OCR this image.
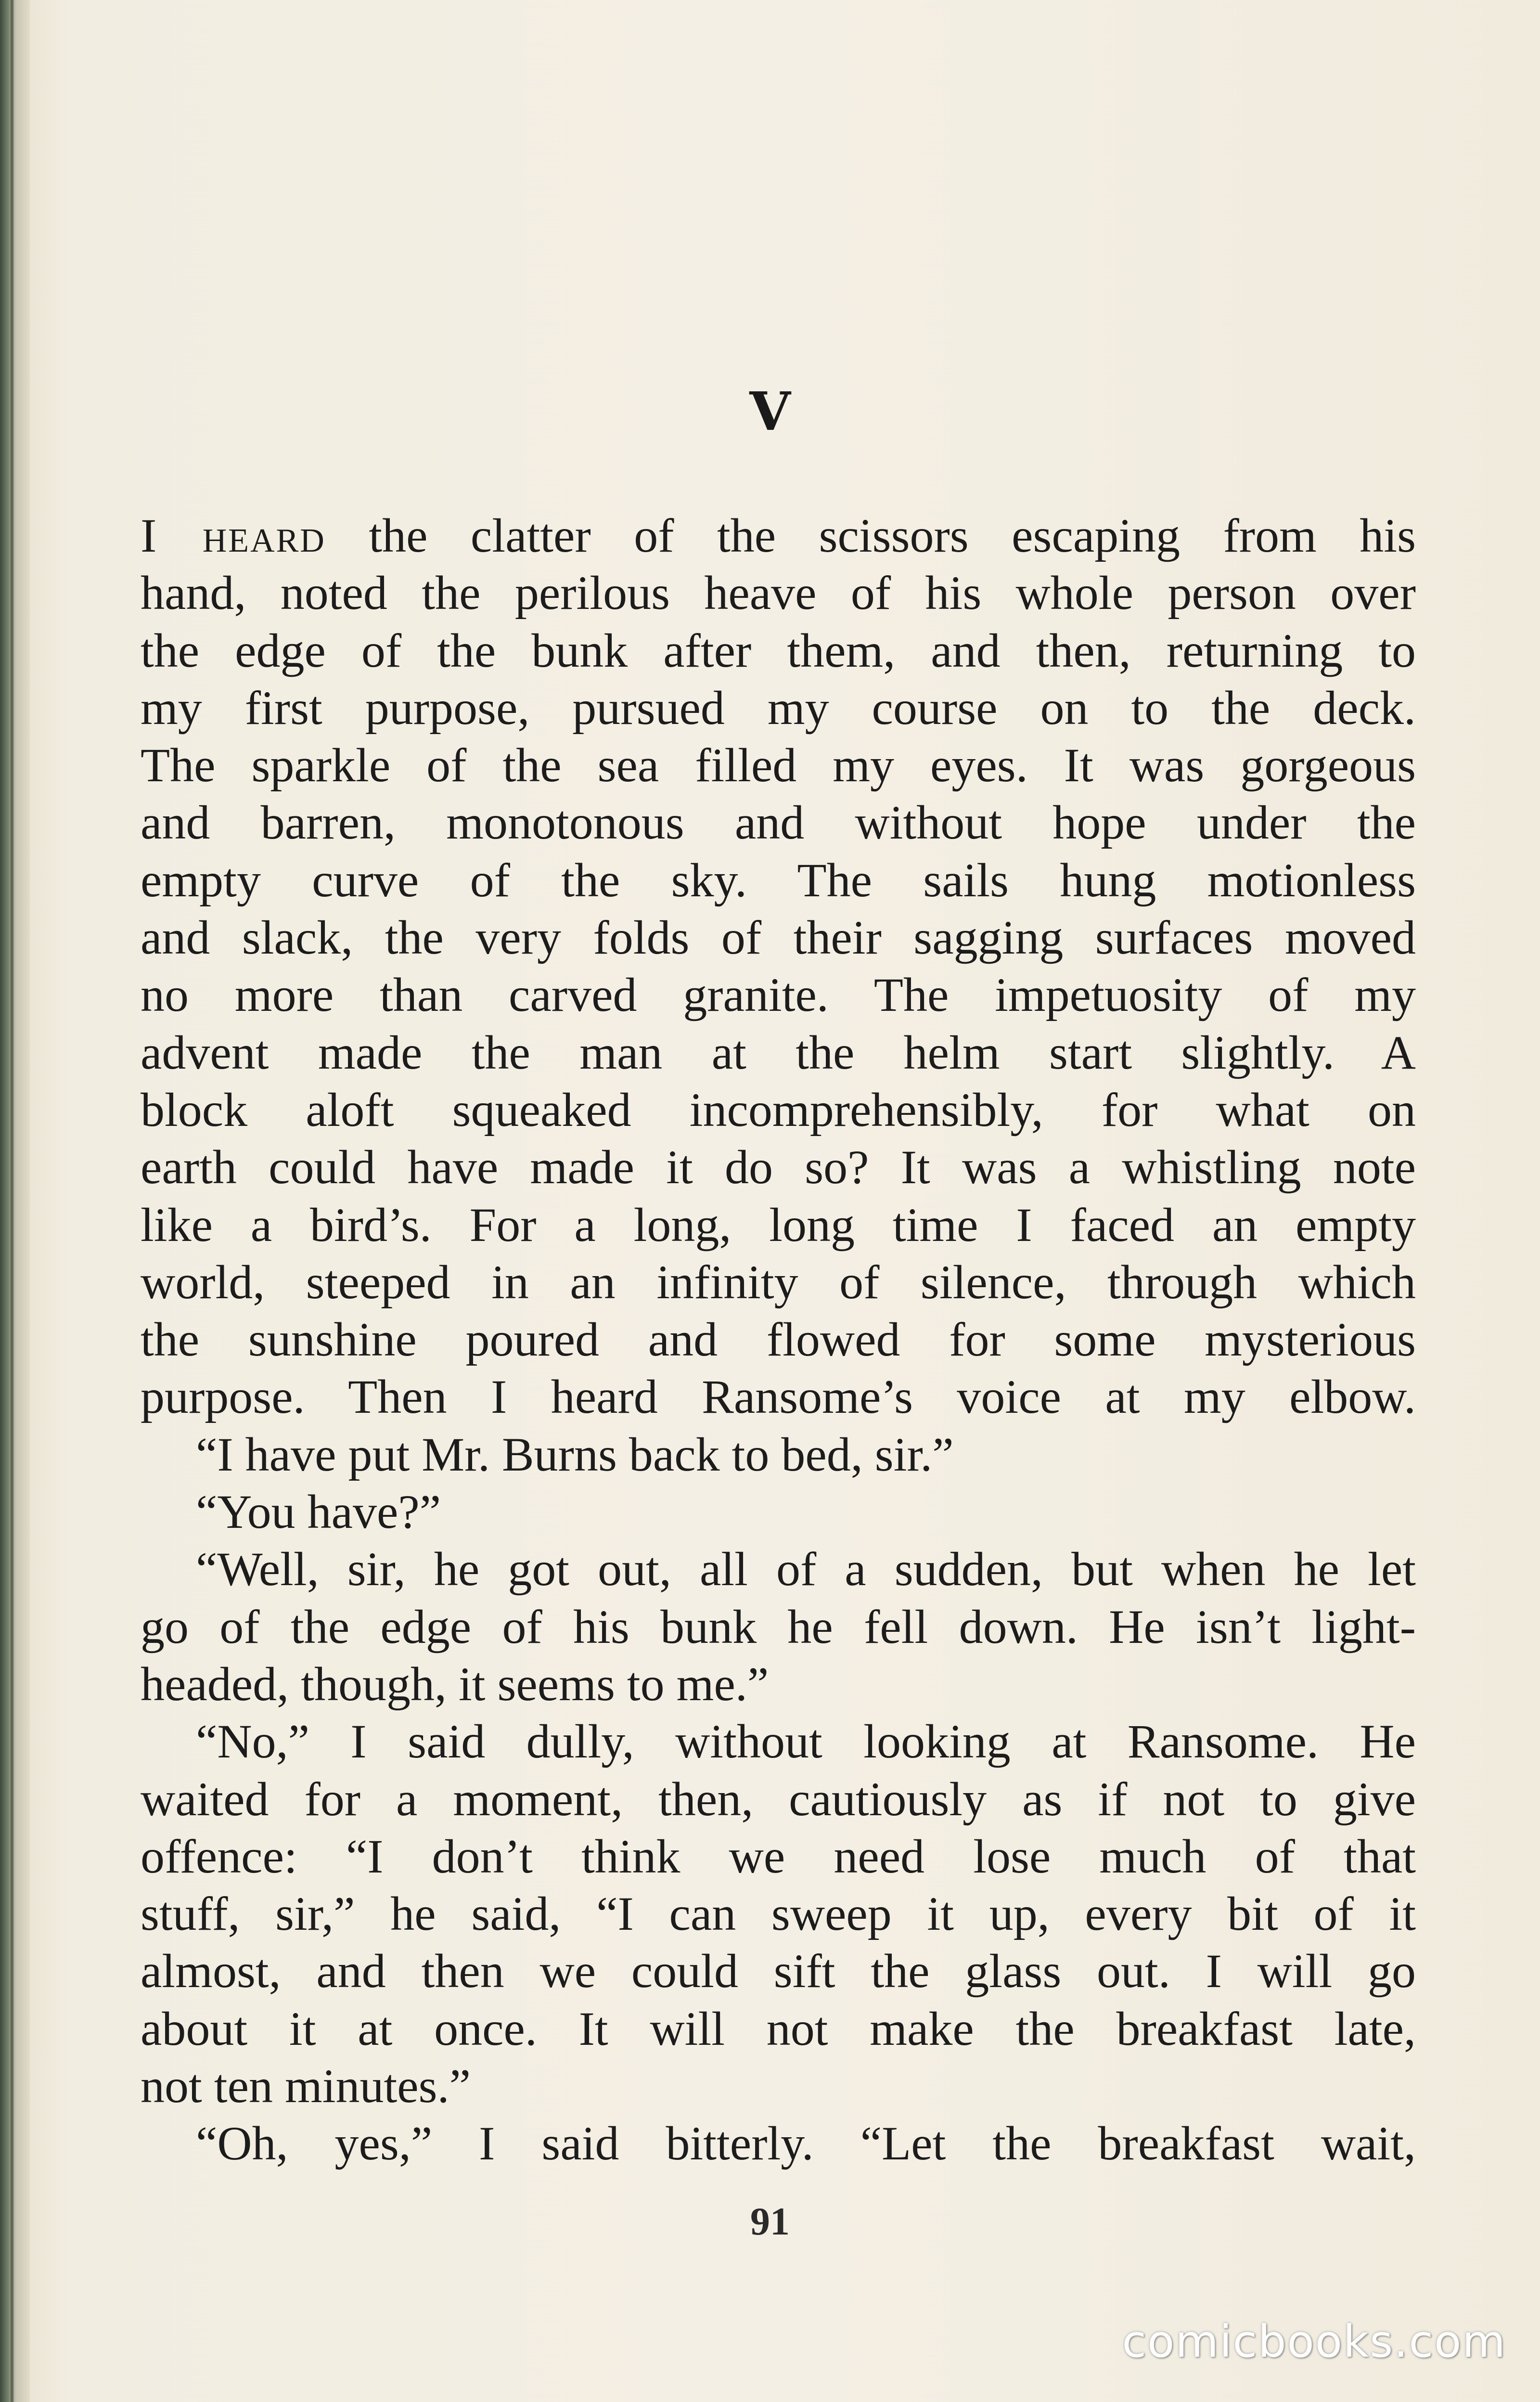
V
I heard the clatter of the scissors escaping from his
hand, noted the perilous heave of his whole person over
the edge of the bunk after them, and then, returning to
my first purpose, pursued my course on to the deck.
The sparkle of the sea filled my eyes. It was gorgeous
and barren, monotonous and without hope under the
empty curve of the sky. The sails hung motionless
and slack, the very folds of their sagging surfaces moved
no more than carved granite. The impetuosity of my
advent made the man at the helm start slightly. A
block aloft squeaked incomprehensibly, for what on
earth could have made it do so? It was a whistling note
like a bird’s. For a long, long time I faced an empty
world, steeped in an infinity of silence, through which
the sunshine poured and flowed for some mysterious
purpose. Then I heard Ransome’s voice at my elbow.
“I have put Mr. Burns back to bed, sir.”
“You have?”
“Well, sir, he got out, all of a sudden, but when he let
go of the edge of his bunk he fell down. He isn’t light-
headed, though, it seems to me.”
“No,” I said dully, without looking at Ransome. He
waited for a moment, then, cautiously as if not to give
offence: “I don’t think we need lose much of that
stuff, sir,” he said, “I can sweep it up, every bit of it
almost, and then we could sift the glass out. I will go
about it at once. It will not make the breakfast late,
not ten minutes.”
“Oh, yes,” I said bitterly. “Let the breakfast wait,
91
comicbooks.com
